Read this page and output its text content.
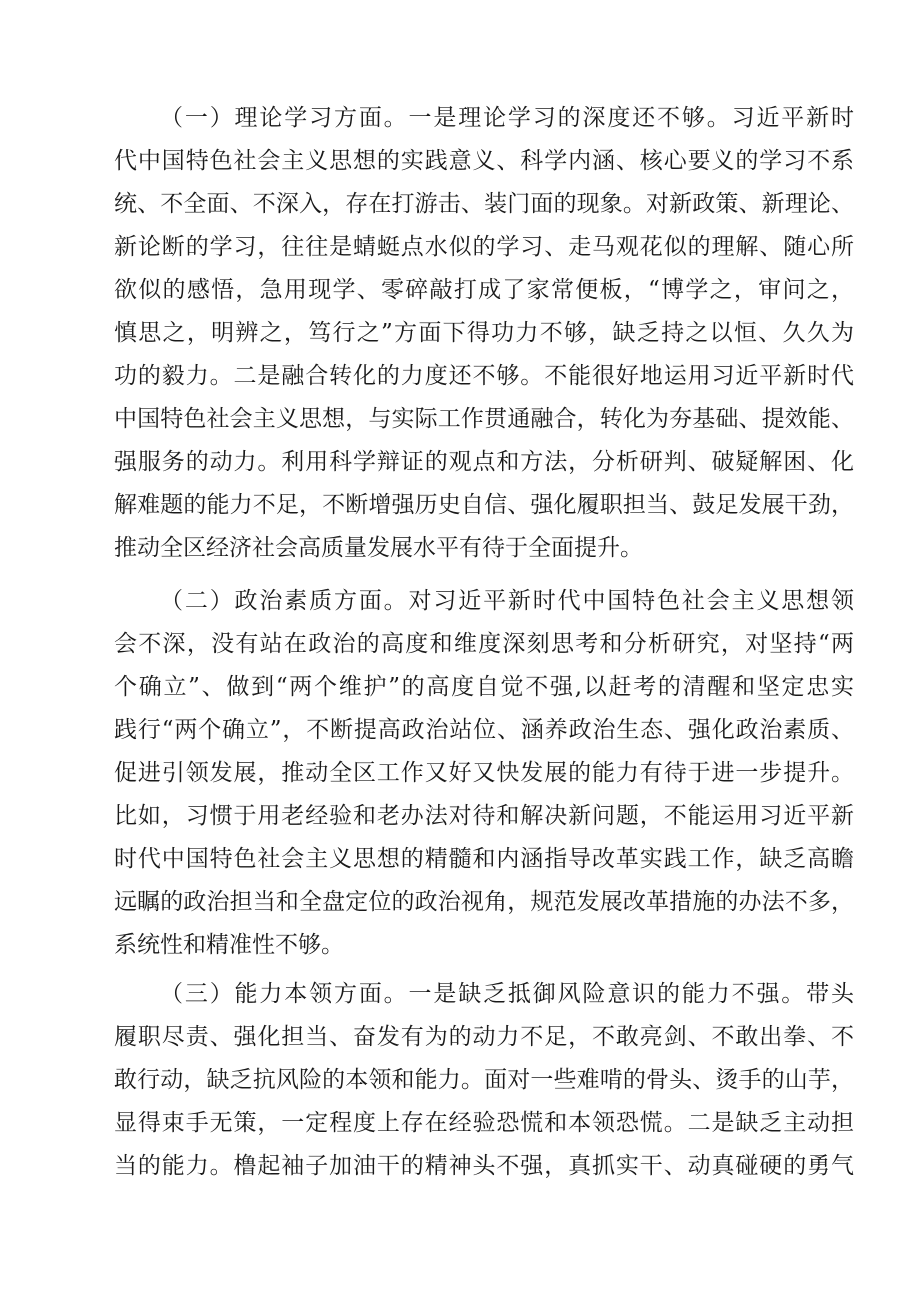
（一）理论学习方面。一是理论学习的深度还不够。习近平新时
代中国特色社会主义思想的实践意义、科学内涵、核心要义的学习不系
统、不全面、不深入，存在打游击、装门面的现象。对新政策、新理论、
新论断的学习，往往是蜻蜓点水似的学习、走马观花似的理解、随心所
欲似的感悟，急用现学、零碎敲打成了家常便板，“博学之，审问之，
慎思之，明辨之，笃行之”方面下得功力不够，缺乏持之以恒、久久为
功的毅力。二是融合转化的力度还不够。不能很好地运用习近平新时代
中国特色社会主义思想，与实际工作贯通融合，转化为夯基础、提效能、
强服务的动力。利用科学辩证的观点和方法，分析研判、破疑解困、化
解难题的能力不足，不断增强历史自信、强化履职担当、鼓足发展干劲，
推动全区经济社会高质量发展水平有待于全面提升。
（二）政治素质方面。对习近平新时代中国特色社会主义思想领
会不深，没有站在政治的高度和维度深刻思考和分析研究，对坚持“两
个确立”、做到“两个维护”的高度自觉不强,以赶考的清醒和坚定忠实
践行“两个确立”，不断提高政治站位、涵养政治生态、强化政治素质、
促进引领发展，推动全区工作又好又快发展的能力有待于进一步提升。
比如，习惯于用老经验和老办法对待和解决新问题，不能运用习近平新
时代中国特色社会主义思想的精髓和内涵指导改革实践工作，缺乏高瞻
远瞩的政治担当和全盘定位的政治视角，规范发展改革措施的办法不多，
系统性和精准性不够。
（三）能力本领方面。一是缺乏抵御风险意识的能力不强。带头
履职尽责、强化担当、奋发有为的动力不足，不敢亮剑、不敢出拳、不
敢行动，缺乏抗风险的本领和能力。面对一些难啃的骨头、烫手的山芋，
显得束手无策，一定程度上存在经验恐慌和本领恐慌。二是缺乏主动担
当的能力。橹起袖子加油干的精神头不强，真抓实干、动真碰硬的勇气
